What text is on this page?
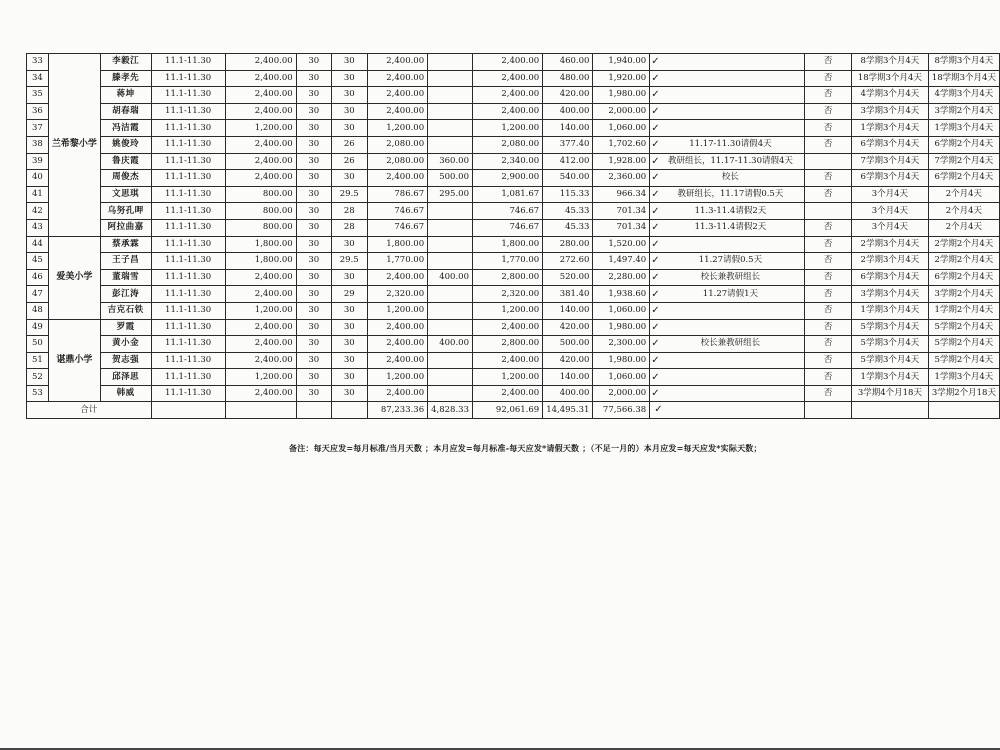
33	兰希黎小学	李毅江	11.1-11.30	2,400.00	30	30	2,400.00		2,400.00	460.00	1,940.00	✓	否	8学期3个月4天	8学期3个月4天
34		滕孝先	11.1-11.30	2,400.00	30	30	2,400.00		2,400.00	480.00	1,920.00	✓	否	18学期3个月4天	18学期3个月4天
35		蒋坤	11.1-11.30	2,400.00	30	30	2,400.00		2,400.00	420.00	1,980.00	✓	否	4学期3个月4天	4学期3个月4天
36		胡春瑞	11.1-11.30	2,400.00	30	30	2,400.00		2,400.00	400.00	2,000.00	✓	否	3学期3个月4天	3学期2个月4天
37		冯洁霞	11.1-11.30	1,200.00	30	30	1,200.00		1,200.00	140.00	1,060.00	✓	否	1学期3个月4天	1学期3个月4天
38		姚俊玲	11.1-11.30	2,400.00	30	26	2,080.00		2,080.00	377.40	1,702.60	✓ 11.17-11.30请假4天	否	6学期3个月4天	6学期2个月4天
39		鲁庆霞	11.1-11.30	2,400.00	30	26	2,080.00	360.00	2,340.00	412.00	1,928.00	✓ 教研组长，11.17-11.30请假4天		7学期3个月4天	7学期2个月4天
40		周俊杰	11.1-11.30	2,400.00	30	30	2,400.00	500.00	2,900.00	540.00	2,360.00	✓ 校长	否	6学期3个月4天	6学期2个月4天
41		文思琪	11.1-11.30	800.00	30	29.5	786.67	295.00	1,081.67	115.33	966.34	✓ 教研组长，11.17请假0.5天	否	3个月4天	2个月4天
42		乌努孔呷	11.1-11.30	800.00	30	28	746.67		746.67	45.33	701.34	✓ 11.3-11.4请假2天		3个月4天	2个月4天
43		阿拉曲嘉	11.1-11.30	800.00	30	28	746.67		746.67	45.33	701.34	✓ 11.3-11.4请假2天	否	3个月4天	2个月4天
44	爱美小学	蔡承霖	11.1-11.30	1,800.00	30	30	1,800.00		1,800.00	280.00	1,520.00	✓	否	2学期3个月4天	2学期2个月4天
45		王子昌	11.1-11.30	1,800.00	30	29.5	1,770.00		1,770.00	272.60	1,497.40	✓ 11.27请假0.5天	否	2学期3个月4天	2学期2个月4天
46		董瑞雪	11.1-11.30	2,400.00	30	30	2,400.00	400.00	2,800.00	520.00	2,280.00	✓ 校长兼教研组长	否	6学期3个月4天	6学期2个月4天
47		彭江涛	11.1-11.30	2,400.00	30	29	2,320.00		2,320.00	381.40	1,938.60	✓ 11.27请假1天	否	3学期3个月4天	3学期2个月4天
48		吉克石铁	11.1-11.30	1,200.00	30	30	1,200.00		1,200.00	140.00	1,060.00	✓	否	1学期3个月4天	1学期2个月4天
49	谌鼎小学	罗霞	11.1-11.30	2,400.00	30	30	2,400.00		2,400.00	420.00	1,980.00	✓	否	5学期3个月4天	5学期2个月4天
50		黄小金	11.1-11.30	2,400.00	30	30	2,400.00	400.00	2,800.00	500.00	2,300.00	✓ 校长兼教研组长	否	5学期3个月4天	5学期2个月4天
51		贺志强	11.1-11.30	2,400.00	30	30	2,400.00		2,400.00	420.00	1,980.00	✓	否	5学期3个月4天	5学期2个月4天
52		邱泽思	11.1-11.30	1,200.00	30	30	1,200.00		1,200.00	140.00	1,060.00	✓	否	1学期3个月4天	1学期3个月4天
53		韩威	11.1-11.30	2,400.00	30	30	2,400.00		2,400.00	400.00	2,000.00	✓	否	3学期4个月18天	3学期2个月18天
合计							87,233.36	4,828.33	92,061.69	14,495.31	77,566.38	✓			
备注：每天应发=每月标准/当月天数 ；本月应发=每月标准-每天应发*请假天数 ；（不足一月的）本月应发=每天应发*实际天数；
